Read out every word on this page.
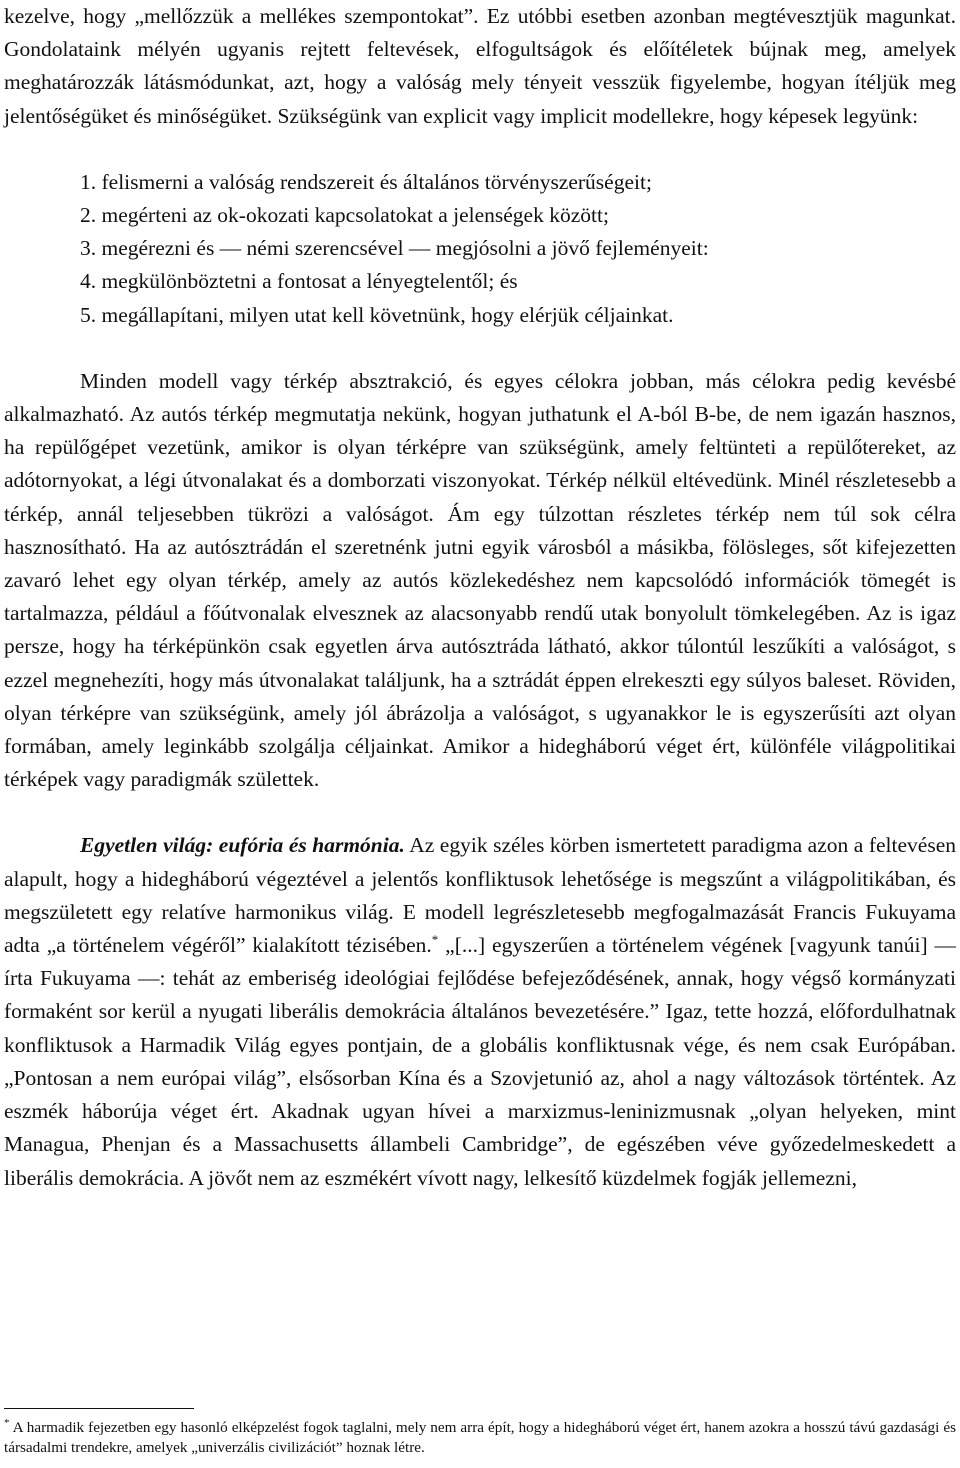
kezelve, hogy „mellőzzük a mellékes szempontokat”. Ez utóbbi esetben azonban megtévesztjük magunkat. Gondolataink mélyén ugyanis rejtett feltevések, elfogultságok és előítéletek bújnak meg, amelyek meghatározzák látásmódunkat, azt, hogy a valóság mely tényeit vesszük figyelembe, hogyan ítéljük meg jelentőségüket és minőségüket. Szükségünk van explicit vagy implicit modellekre, hogy képesek legyünk:

1. felismerni a valóság rendszereit és általános törvényszerűségeit;
2. megérteni az ok-okozati kapcsolatokat a jelenségek között;
3. megérezni és ― némi szerencsével ― megjósolni a jövő fejleményeit:
4. megkülönböztetni a fontosat a lényegtelentől; és
5. megállapítani, milyen utat kell követnünk, hogy elérjük céljainkat.

Minden modell vagy térkép absztrakció, és egyes célokra jobban, más célokra pedig kevésbé alkalmazható. Az autós térkép megmutatja nekünk, hogyan juthatunk el A-ból B-be, de nem igazán hasznos, ha repülőgépet vezetünk, amikor is olyan térképre van szükségünk, amely feltünteti a repülőtereket, az adótornyokat, a légi útvonalakat és a domborzati viszonyokat. Térkép nélkül eltévedünk. Minél részletesebb a térkép, annál teljesebben tükrözi a valóságot. Ám egy túlzottan részletes térkép nem túl sok célra hasznosítható. Ha az autósztrádán el szeretnénk jutni egyik városból a másikba, fölösleges, sőt kifejezetten zavaró lehet egy olyan térkép, amely az autós közlekedéshez nem kapcsolódó információk tömegét is tartalmazza, például a főútvonalak elvesznek az alacsonyabb rendű utak bonyolult tömkelegében. Az is igaz persze, hogy ha térképünkön csak egyetlen árva autósztráda látható, akkor túlontúl leszűkíti a valóságot, s ezzel megnehezíti, hogy más útvonalakat találjunk, ha a sztrádát éppen elrekeszti egy súlyos baleset. Röviden, olyan térképre van szükségünk, amely jól ábrázolja a valóságot, s ugyanakkor le is egyszerűsíti azt olyan formában, amely leginkább szolgálja céljainkat. Amikor a hidegháború véget ért, különféle világpolitikai térképek vagy paradigmák születtek.

Egyetlen világ: eufória és harmónia. Az egyik széles körben ismertetett paradigma azon a feltevésen alapult, hogy a hidegháború végeztével a jelentős konfliktusok lehetősége is megszűnt a világpolitikában, és megszületett egy relatíve harmonikus világ. E modell legrészletesebb megfogalmazását Francis Fukuyama adta „a történelem végéről” kialakított tézisében.* „[...] egyszerűen a történelem végének [vagyunk tanúi] ― írta Fukuyama ―: tehát az emberiség ideológiai fejlődése befejeződésének, annak, hogy végső kormányzati formaként sor kerül a nyugati liberális demokrácia általános bevezetésére.” Igaz, tette hozzá, előfordulhatnak konfliktusok a Harmadik Világ egyes pontjain, de a globális konfliktusnak vége, és nem csak Európában. „Pontosan a nem európai világ”, elsősorban Kína és a Szovjetunió az, ahol a nagy változások történtek. Az eszmék háborúja véget ért. Akadnak ugyan hívei a marxizmus-leninizmusnak „olyan helyeken, mint Managua, Phenjan és a Massachusetts állambeli Cambridge”, de egészében véve győzedelmeskedett a liberális demokrácia. A jövőt nem az eszmékért vívott nagy, lelkesítő küzdelmek fogják jellemezni,

* A harmadik fejezetben egy hasonló elképzelést fogok taglalni, mely nem arra épít, hogy a hidegháború véget ért, hanem azokra a hosszú távú gazdasági és társadalmi trendekre, amelyek „univerzális civilizációt” hoznak létre.
